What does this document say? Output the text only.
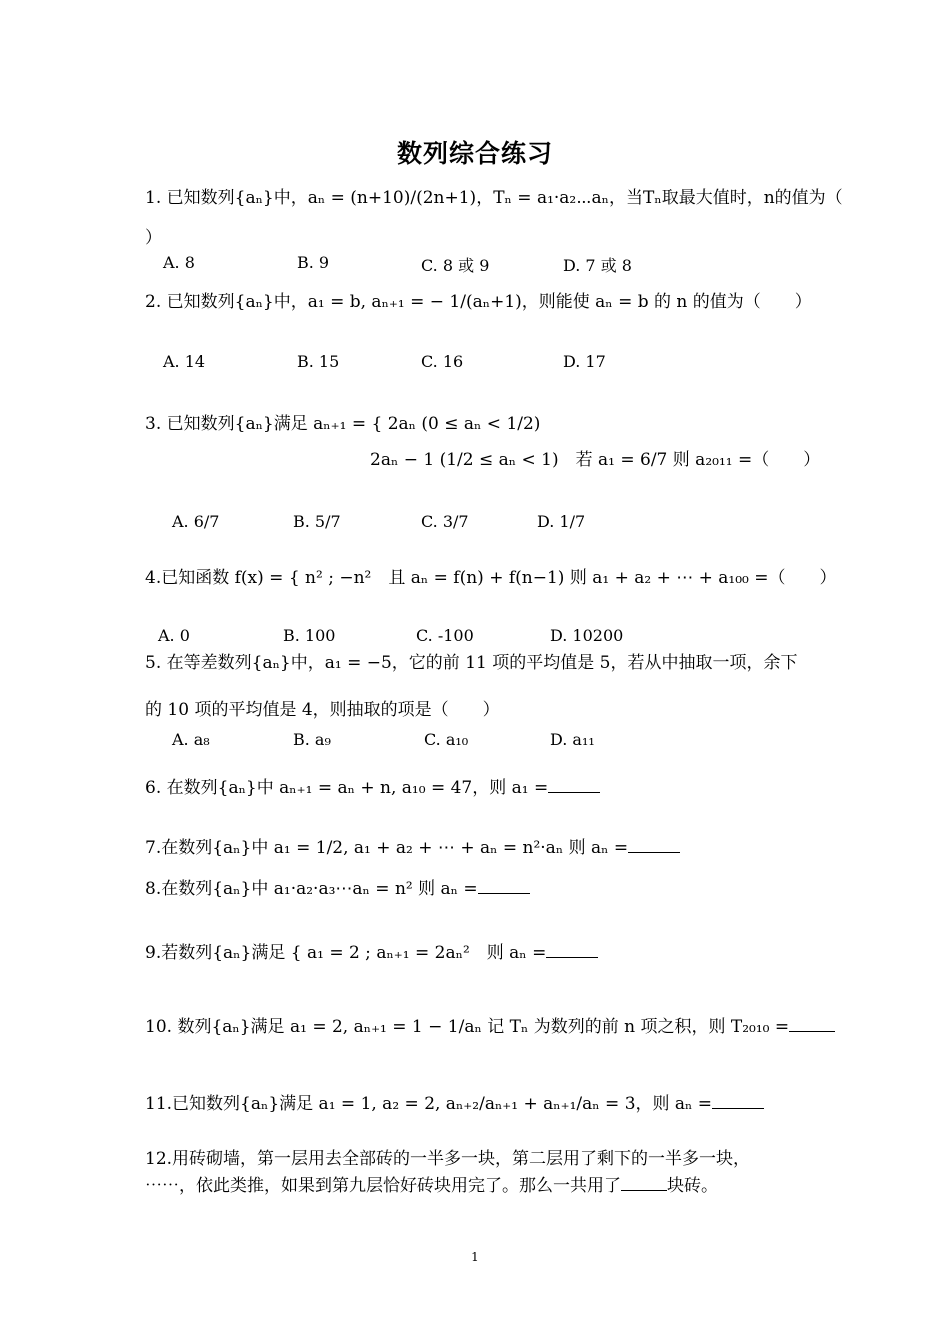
数列综合练习
1. 已知数列{aₙ}中，aₙ = (n+10)/(2n+1)，Tₙ = a₁·a₂⋯aₙ，当Tₙ取最大值时，n的值为（
）
A. 8	B. 9	C. 8 或 9	D. 7 或 8
2. 已知数列{aₙ}中，a₁ = b, aₙ₊₁ = − 1/(aₙ+1)，则能使 aₙ = b 的 n 的值为（　　）
A. 14	B. 15	C. 16	D. 17
3. 已知数列{aₙ}满足 aₙ₊₁ = { 2aₙ (0 ≤ aₙ < 1/2)
2aₙ − 1 (1/2 ≤ aₙ < 1)　若 a₁ = 6/7 则 a₂₀₁₁ =（　　）
A. 6/7	B. 5/7	C. 3/7	D. 1/7
4.已知函数 f(x) = { n² ; −n²　且 aₙ = f(n) + f(n−1) 则 a₁ + a₂ + ⋯ + a₁₀₀ =（　　）
A. 0	B. 100	C. -100	D. 10200
5. 在等差数列{aₙ}中，a₁ = −5，它的前 11 项的平均值是 5，若从中抽取一项，余下
的 10 项的平均值是 4，则抽取的项是（　　）
A. a₈	B. a₉	C. a₁₀	D. a₁₁
6. 在数列{aₙ}中 aₙ₊₁ = aₙ + n, a₁₀ = 47，则 a₁ =
7.在数列{aₙ}中 a₁ = 1/2, a₁ + a₂ + ⋯ + aₙ = n²·aₙ 则 aₙ =
8.在数列{aₙ}中 a₁·a₂·a₃⋯aₙ = n² 则 aₙ =
9.若数列{aₙ}满足 { a₁ = 2 ; aₙ₊₁ = 2aₙ²　则 aₙ =
10. 数列{aₙ}满足 a₁ = 2, aₙ₊₁ = 1 − 1/aₙ 记 Tₙ 为数列的前 n 项之积，则 T₂₀₁₀ =
11.已知数列{aₙ}满足 a₁ = 1, a₂ = 2, aₙ₊₂/aₙ₊₁ + aₙ₊₁/aₙ = 3，则 aₙ =
12.用砖砌墙，第一层用去全部砖的一半多一块，第二层用了剩下的一半多一块，
⋯⋯，依此类推，如果到第九层恰好砖块用完了。那么一共用了	块砖。
1
